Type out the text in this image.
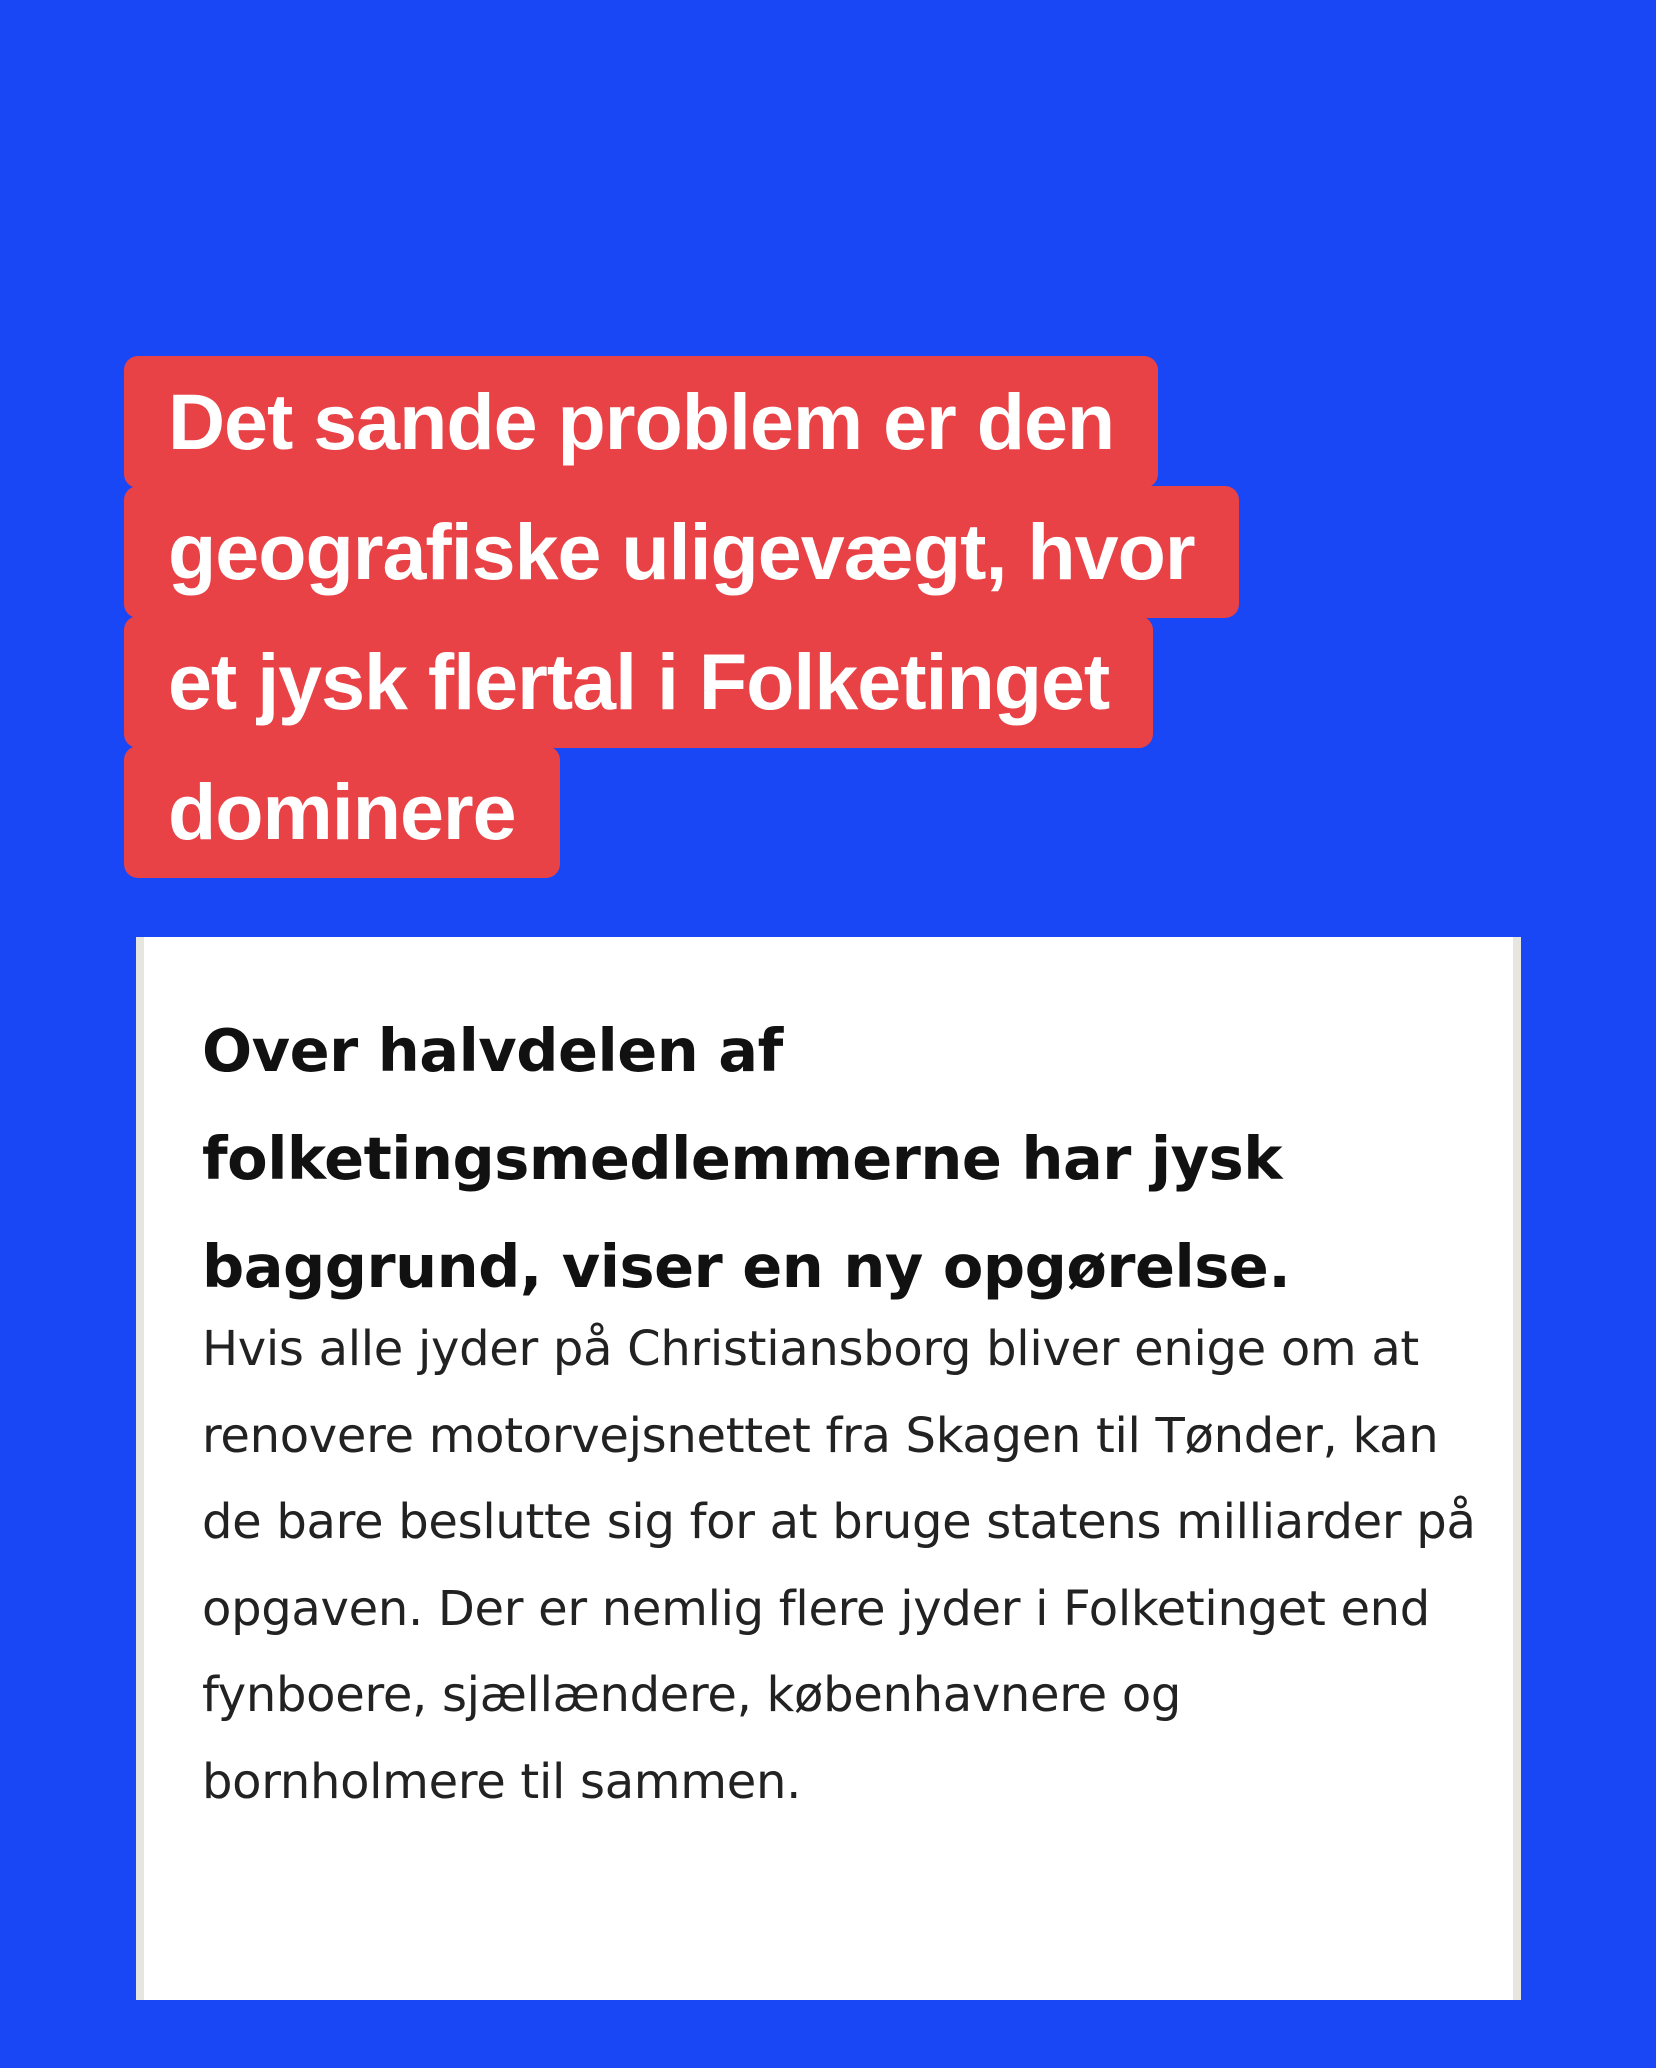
Det sande problem er den
geografiske uligevægt, hvor
et jysk flertal i Folketinget
dominere
Over halvdelen af folketingsmedlemmerne har jysk baggrund, viser en ny opgørelse.

Hvis alle jyder på Christiansborg bliver enige om at renovere motorvejsnettet fra Skagen til Tønder, kan de bare beslutte sig for at bruge statens milliarder på opgaven. Der er nemlig flere jyder i Folketinget end fynboere, sjællændere, københavnere og bornholmere til sammen.
